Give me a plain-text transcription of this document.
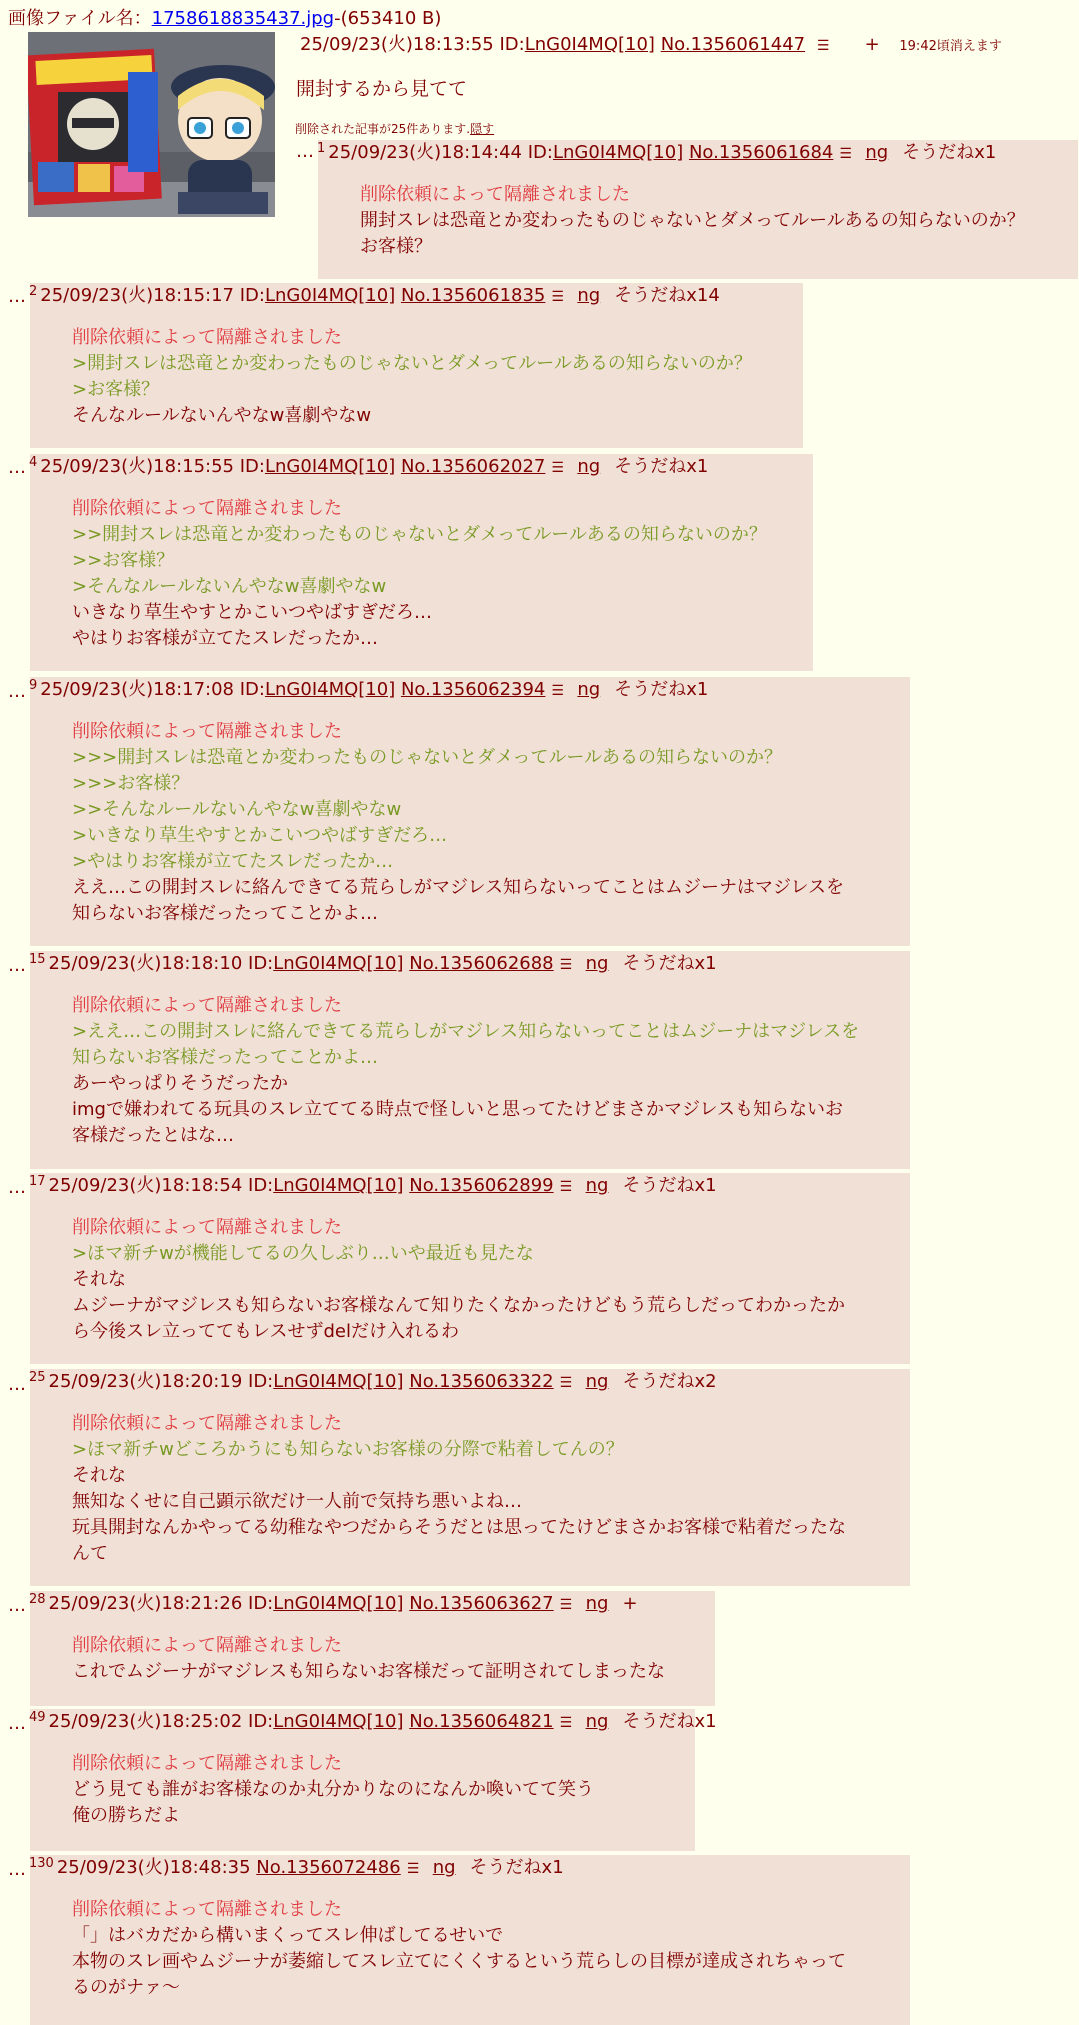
画像ファイル名：1758618835437.jpg-(653410 B)
25/09/23(火)18:13:55 ID:LnG0I4MQ[10] No.1356061447 ☰ + 19:42頃消えます
開封するから見てて
削除された記事が25件あります.隠す
… $^1$ 25/09/23(火)18:14:44 ID:LnG0I4MQ[10] No.1356061684 ☰ ng そうだねx1
削除依頼によって隔離されました
開封スレは恐竜とか変わったものじゃないとダメってルールあるの知らないのか？
お客様？
… $^2$ 25/09/23(火)18:15:17 ID:LnG0I4MQ[10] No.1356061835 ☰ ng そうだねx14
削除依頼によって隔離されました
>開封スレは恐竜とか変わったものじゃないとダメってルールあるの知らないのか？
>お客様？
そんなルールないんやなw喜劇やなw
… $^4$ 25/09/23(火)18:15:55 ID:LnG0I4MQ[10] No.1356062027 ☰ ng そうだねx1
削除依頼によって隔離されました
>>開封スレは恐竜とか変わったものじゃないとダメってルールあるの知らないのか？
>>お客様？
>そんなルールないんやなw喜劇やなw
いきなり草生やすとかこいつやばすぎだろ…
やはりお客様が立てたスレだったか…
… $^9$ 25/09/23(火)18:17:08 ID:LnG0I4MQ[10] No.1356062394 ☰ ng そうだねx1
削除依頼によって隔離されました
>>>開封スレは恐竜とか変わったものじゃないとダメってルールあるの知らないのか？
>>>お客様？
>>そんなルールないんやなw喜劇やなw
>いきなり草生やすとかこいつやばすぎだろ…
>やはりお客様が立てたスレだったか…
ええ…この開封スレに絡んできてる荒らしがマジレス知らないってことはムジーナはマジレスを
知らないお客様だったってことかよ…
… $^{15}$ 25/09/23(火)18:18:10 ID:LnG0I4MQ[10] No.1356062688 ☰ ng そうだねx1
削除依頼によって隔離されました
>ええ…この開封スレに絡んできてる荒らしがマジレス知らないってことはムジーナはマジレスを
知らないお客様だったってことかよ…
あーやっぱりそうだったか
imgで嫌われてる玩具のスレ立ててる時点で怪しいと思ってたけどまさかマジレスも知らないお
客様だったとはな…
… $^{17}$ 25/09/23(火)18:18:54 ID:LnG0I4MQ[10] No.1356062899 ☰ ng そうだねx1
削除依頼によって隔離されました
>ほマ新チwが機能してるの久しぶり…いや最近も見たな
それな
ムジーナがマジレスも知らないお客様なんて知りたくなかったけどもう荒らしだってわかったか
ら今後スレ立っててもレスせずdelだけ入れるわ
… $^{25}$ 25/09/23(火)18:20:19 ID:LnG0I4MQ[10] No.1356063322 ☰ ng そうだねx2
削除依頼によって隔離されました
>ほマ新チwどころかうにも知らないお客様の分際で粘着してんの？
それな
無知なくせに自己顕示欲だけ一人前で気持ち悪いよね…
玩具開封なんかやってる幼稚なやつだからそうだとは思ってたけどまさかお客様で粘着だったな
んて
… $^{28}$ 25/09/23(火)18:21:26 ID:LnG0I4MQ[10] No.1356063627 ☰ ng +
削除依頼によって隔離されました
これでムジーナがマジレスも知らないお客様だって証明されてしまったな
… $^{49}$ 25/09/23(火)18:25:02 ID:LnG0I4MQ[10] No.1356064821 ☰ ng そうだねx1
削除依頼によって隔離されました
どう見ても誰がお客様なのか丸分かりなのになんか喚いてて笑う
俺の勝ちだよ
… $^{130}$ 25/09/23(火)18:48:35 No.1356072486 ☰ ng そうだねx1
削除依頼によって隔離されました
「」はバカだから構いまくってスレ伸ばしてるせいで
本物のスレ画やムジーナが萎縮してスレ立てにくくするという荒らしの目標が達成されちゃって
るのがナァ〜
